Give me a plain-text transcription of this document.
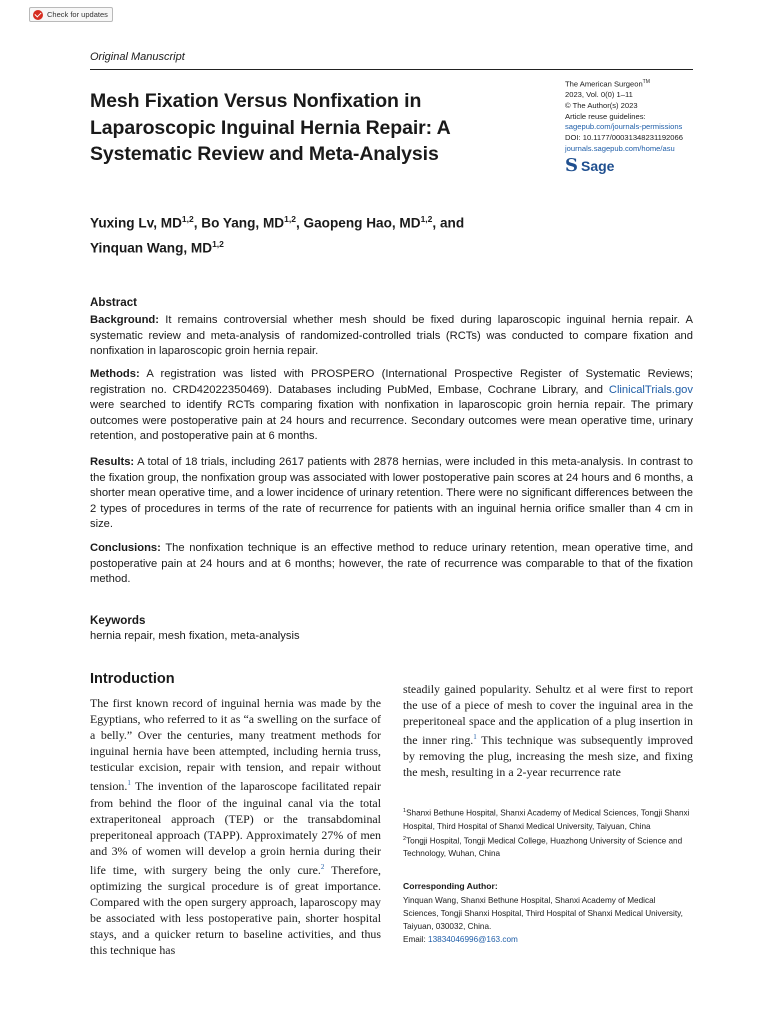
Check for updates
Original Manuscript
Mesh Fixation Versus Nonfixation in Laparoscopic Inguinal Hernia Repair: A Systematic Review and Meta-Analysis
The American Surgeon™
2023, Vol. 0(0) 1–11
© The Author(s) 2023
Article reuse guidelines:
sagepub.com/journals-permissions
DOI: 10.1177/00031348231192066
journals.sagepub.com/home/asu
S Sage

Yuxing Lv, MD$^{1,2}$, Bo Yang, MD$^{1,2}$, Gaopeng Hao, MD$^{1,2}$, and
Yinquan Wang, MD$^{1,2}$

Abstract

Background: It remains controversial whether mesh should be fixed during laparoscopic inguinal hernia repair. A systematic review and meta-analysis of randomized-controlled trials (RCTs) was conducted to compare fixation and nonfixation in laparoscopic groin hernia repair.

Methods: A registration was listed with PROSPERO (International Prospective Register of Systematic Reviews; registration no. CRD42022350469). Databases including PubMed, Embase, Cochrane Library, and ClinicalTrials.gov were searched to identify RCTs comparing fixation with nonfixation in laparoscopic groin hernia repair. The primary outcomes were postoperative pain at 24 hours and recurrence. Secondary outcomes were mean operative time, urinary retention, and postoperative pain at 6 months.

Results: A total of 18 trials, including 2617 patients with 2878 hernias, were included in this meta-analysis. In contrast to the fixation group, the nonfixation group was associated with lower postoperative pain scores at 24 hours and 6 months, a shorter mean operative time, and a lower incidence of urinary retention. There were no significant differences between the 2 types of procedures in terms of the rate of recurrence for patients with an inguinal hernia orifice smaller than 4 cm in size.

Conclusions: The nonfixation technique is an effective method to reduce urinary retention, mean operative time, and postoperative pain at 24 hours and at 6 months; however, the rate of recurrence was comparable to that of the fixation method.

Keywords
hernia repair, mesh fixation, meta-analysis
Introduction

The first known record of inguinal hernia was made by the Egyptians, who referred to it as “a swelling on the surface of a belly.” Over the centuries, many treatment methods for inguinal hernia have been attempted, including hernia truss, testicular excision, repair with tension, and repair without tension.$^1$ The invention of the laparoscope facilitated repair from behind the floor of the inguinal canal via the total extraperitoneal approach (TEP) or the transabdominal preperitoneal approach (TAPP). Approximately 27% of men and 3% of women will develop a groin hernia during their life time, with surgery being the only cure.$^2$ Therefore, optimizing the surgical procedure is of great importance. Compared with the open surgery approach, laparoscopy may be associated with less postoperative pain, shorter hospital stays, and a quicker return to baseline activities, and thus this technique has

steadily gained popularity. Sehultz et al were first to report the use of a piece of mesh to cover the inguinal area in the preperitoneal space and the application of a plug insertion in the inner ring.$^1$ This technique was subsequently improved by removing the plug, increasing the mesh size, and fixing the mesh, resulting in a 2-year recurrence rate

$^1$Shanxi Bethune Hospital, Shanxi Academy of Medical Sciences, Tongji Shanxi Hospital, Third Hospital of Shanxi Medical University, Taiyuan, China
$^2$Tongji Hospital, Tongji Medical College, Huazhong University of Science and Technology, Wuhan, China

Corresponding Author:

Yinquan Wang, Shanxi Bethune Hospital, Shanxi Academy of Medical Sciences, Tongji Shanxi Hospital, Third Hospital of Shanxi Medical University, Taiyuan, 030032, China.
Email: 13834046996@163.com
